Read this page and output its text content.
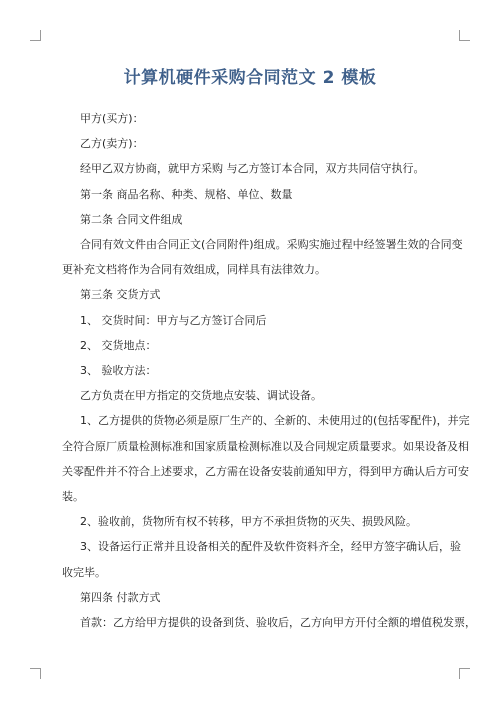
计算机硬件采购合同范文 2 模板

甲方(买方)：

乙方(卖方)：

经甲乙双方协商，就甲方采购 与乙方签订本合同，双方共同信守执行。

第一条 商品名称、种类、规格、单位、数量

第二条 合同文件组成

合同有效文件由合同正文(合同附件)组成。采购实施过程中经签署生效的合同变

更补充文档将作为合同有效组成，同样具有法律效力。

第三条 交货方式

1、 交货时间：甲方与乙方签订合同后

2、 交货地点：

3、 验收方法：

乙方负责在甲方指定的交货地点安装、调试设备。

1、乙方提供的货物必须是原厂生产的、全新的、未使用过的(包括零配件)，并完

全符合原厂质量检测标准和国家质量检测标准以及合同规定质量要求。如果设备及相

关零配件并不符合上述要求，乙方需在设备安装前通知甲方，得到甲方确认后方可安

装。

2、验收前，货物所有权不转移，甲方不承担货物的灭失、损毁风险。

3、设备运行正常并且设备相关的配件及软件资料齐全，经甲方签字确认后，验

收完毕。

第四条 付款方式

首款：乙方给甲方提供的设备到货、验收后，乙方向甲方开付全额的增值税发票，
